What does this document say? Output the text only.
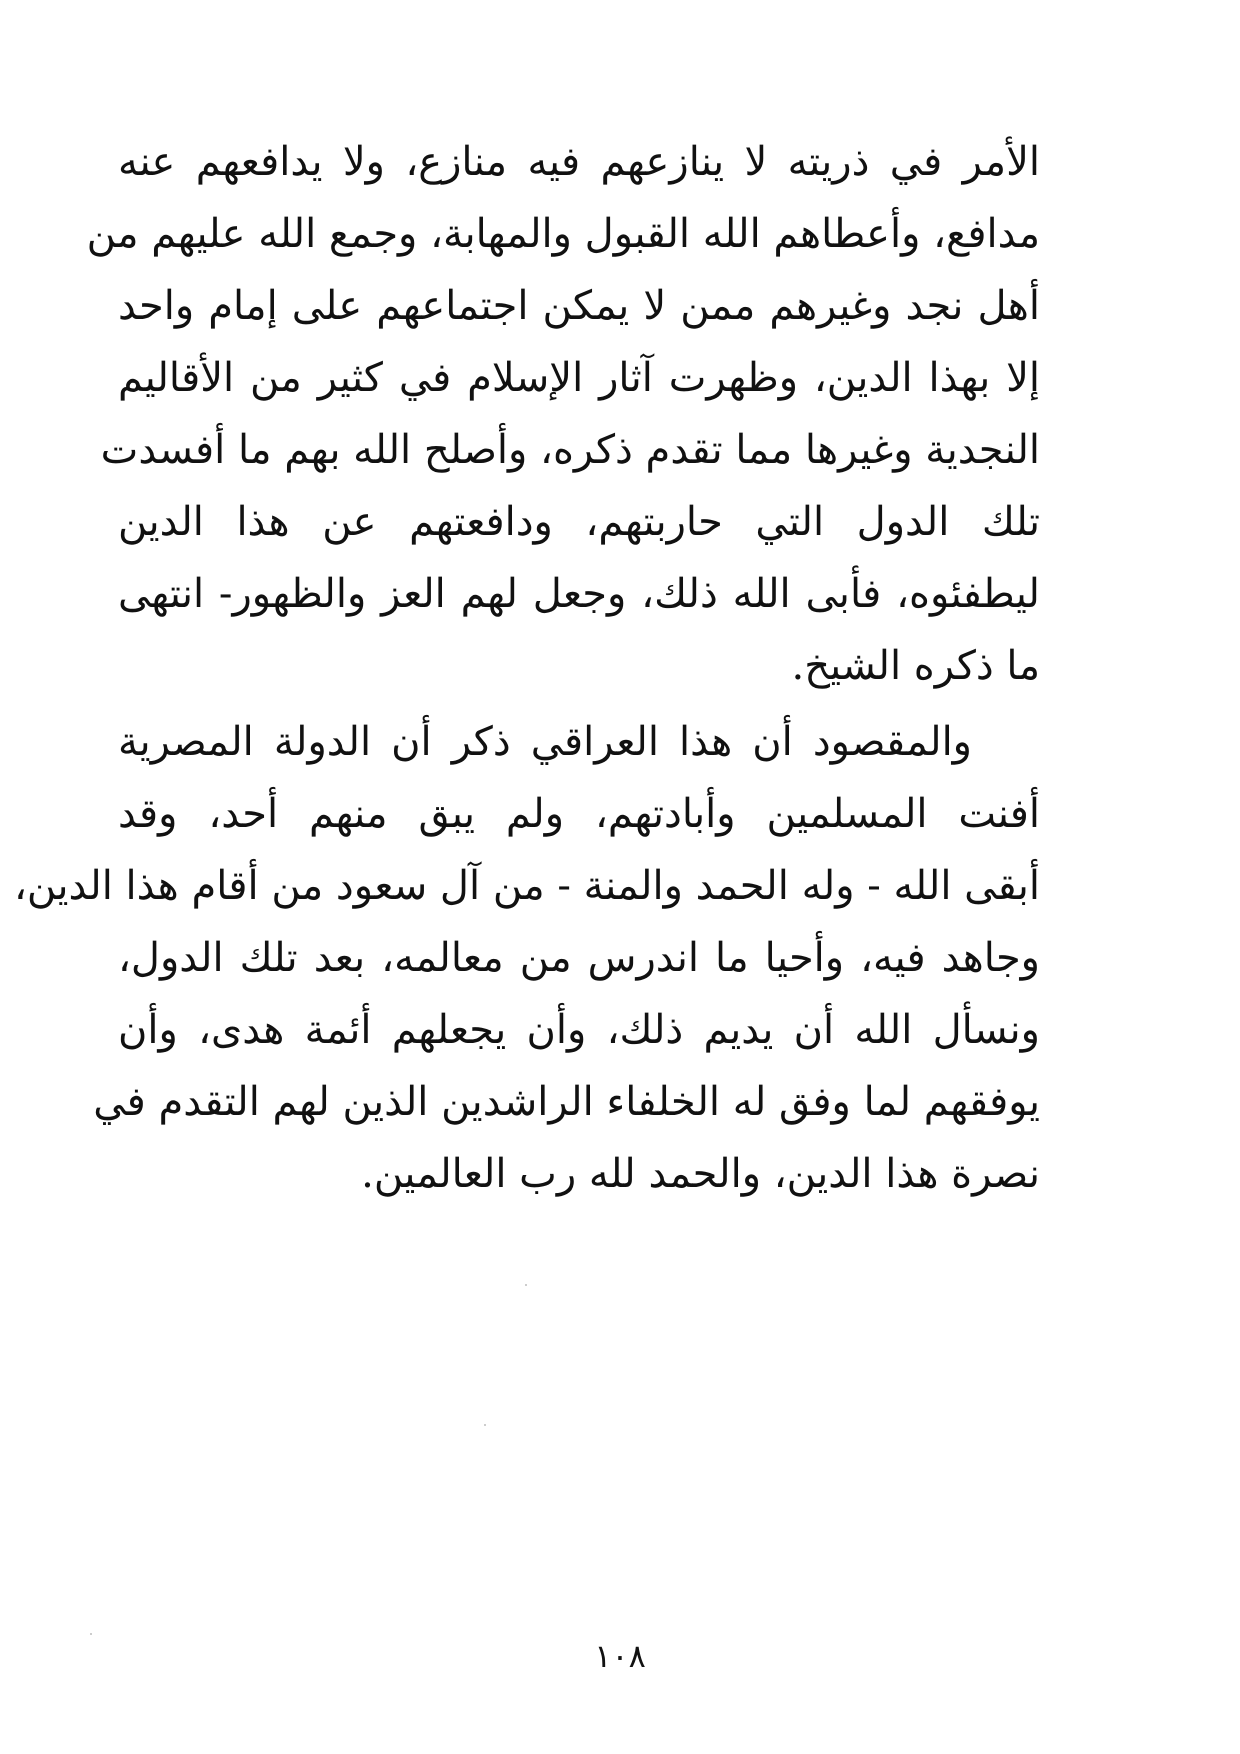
الأمر في ذريته لا ينازعهم فيه منازع، ولا يدافعهم عنه
مدافع، وأعطاهم الله القبول والمهابة، وجمع الله عليهم من
أهل نجد وغيرهم ممن لا يمكن اجتماعهم على إمام واحد
إلا بهذا الدين، وظهرت آثار الإسلام في كثير من الأقاليم
النجدية وغيرها مما تقدم ذكره، وأصلح الله بهم ما أفسدت
تلك الدول التي حاربتهم، ودافعتهم عن هذا الدين
ليطفئوه، فأبى الله ذلك، وجعل لهم العز والظهور- انتهى
ما ذكره الشيخ.
والمقصود أن هذا العراقي ذكر أن الدولة المصرية
أفنت المسلمين وأبادتهم، ولم يبق منهم أحد، وقد
أبقى الله - وله الحمد والمنة - من آل سعود من أقام هذا الدين،
وجاهد فيه، وأحيا ما اندرس من معالمه، بعد تلك الدول،
ونسأل الله أن يديم ذلك، وأن يجعلهم أئمة هدى، وأن
يوفقهم لما وفق له الخلفاء الراشدين الذين لهم التقدم في
نصرة هذا الدين، والحمد لله رب العالمين.
١٠٨
